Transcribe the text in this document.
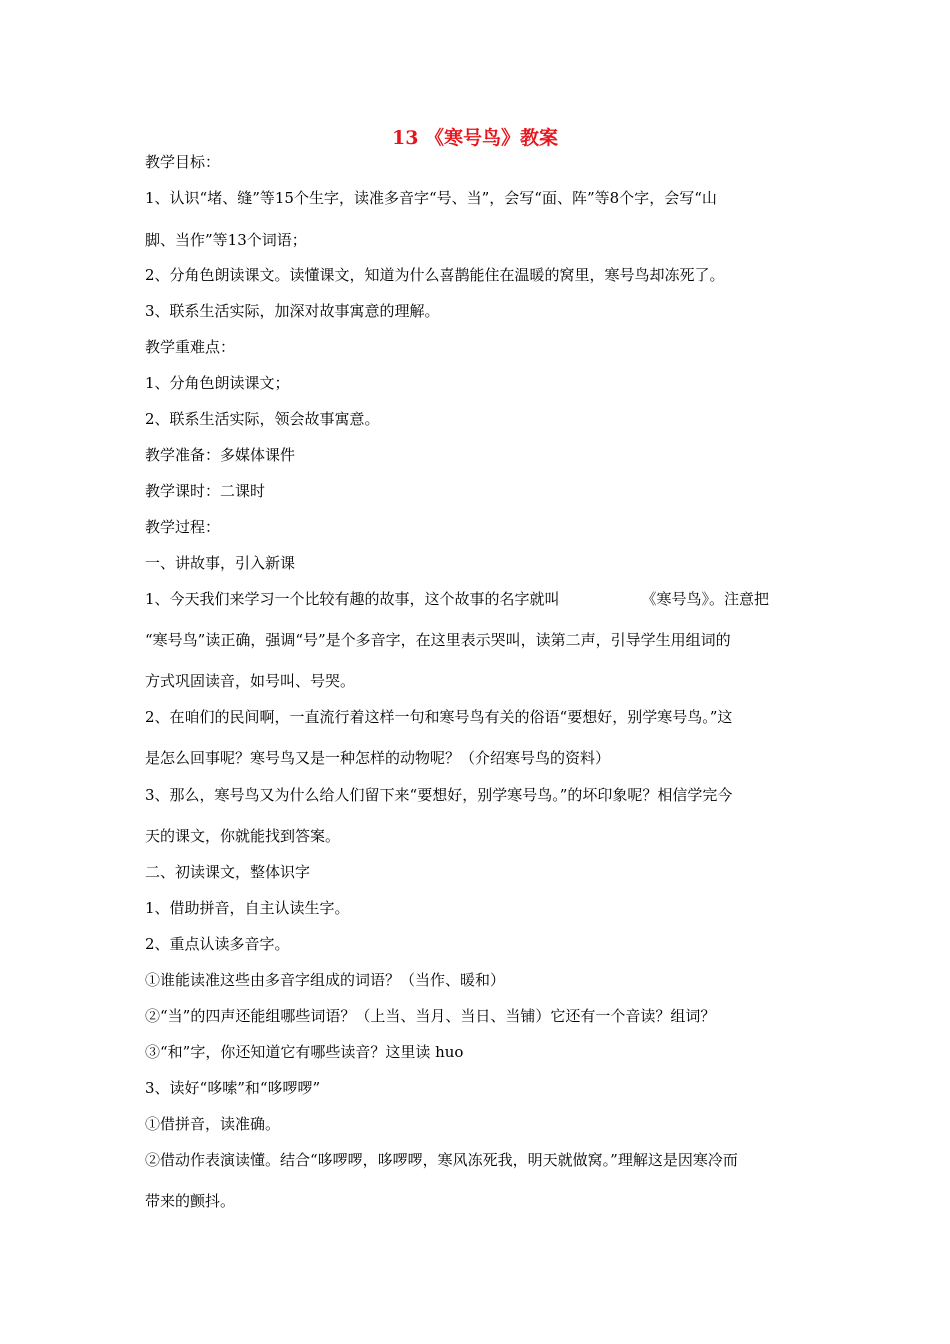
13 《寒号鸟》教案
教学目标：
1、认识“堵、缝”等15个生字，读准多音字“号、当”，会写“面、阵”等8个字，会写“山
脚、当作”等13个词语；
2、分角色朗读课文。读懂课文，知道为什么喜鹊能住在温暖的窝里，寒号鸟却冻死了。
3、联系生活实际，加深对故事寓意的理解。
教学重难点：
1、分角色朗读课文；
2、联系生活实际，领会故事寓意。
教学准备：多媒体课件
教学课时：二课时
教学过程：
一、讲故事，引入新课
1、今天我们来学习一个比较有趣的故事，这个故事的名字就叫	《寒号鸟》。注意把
“寒号鸟”读正确，强调“号”是个多音字，在这里表示哭叫，读第二声，引导学生用组词的
方式巩固读音，如号叫、号哭。
2、在咱们的民间啊，一直流行着这样一句和寒号鸟有关的俗语“要想好，别学寒号鸟。”这
是怎么回事呢？寒号鸟又是一种怎样的动物呢？（介绍寒号鸟的资料）
3、那么，寒号鸟又为什么给人们留下来“要想好，别学寒号鸟。”的坏印象呢？相信学完今
天的课文，你就能找到答案。
二、初读课文，整体识字
1、借助拼音，自主认读生字。
2、重点认读多音字。
①谁能读准这些由多音字组成的词语？（当作、暖和）
②“当”的四声还能组哪些词语？（上当、当月、当日、当铺）它还有一个音读？组词？
③“和”字，你还知道它有哪些读音？这里读 huo
3、读好“哆嗦”和“哆啰啰”
①借拼音，读准确。
②借动作表演读懂。结合“哆啰啰，哆啰啰，寒风冻死我，明天就做窝。”理解这是因寒冷而
带来的颤抖。
